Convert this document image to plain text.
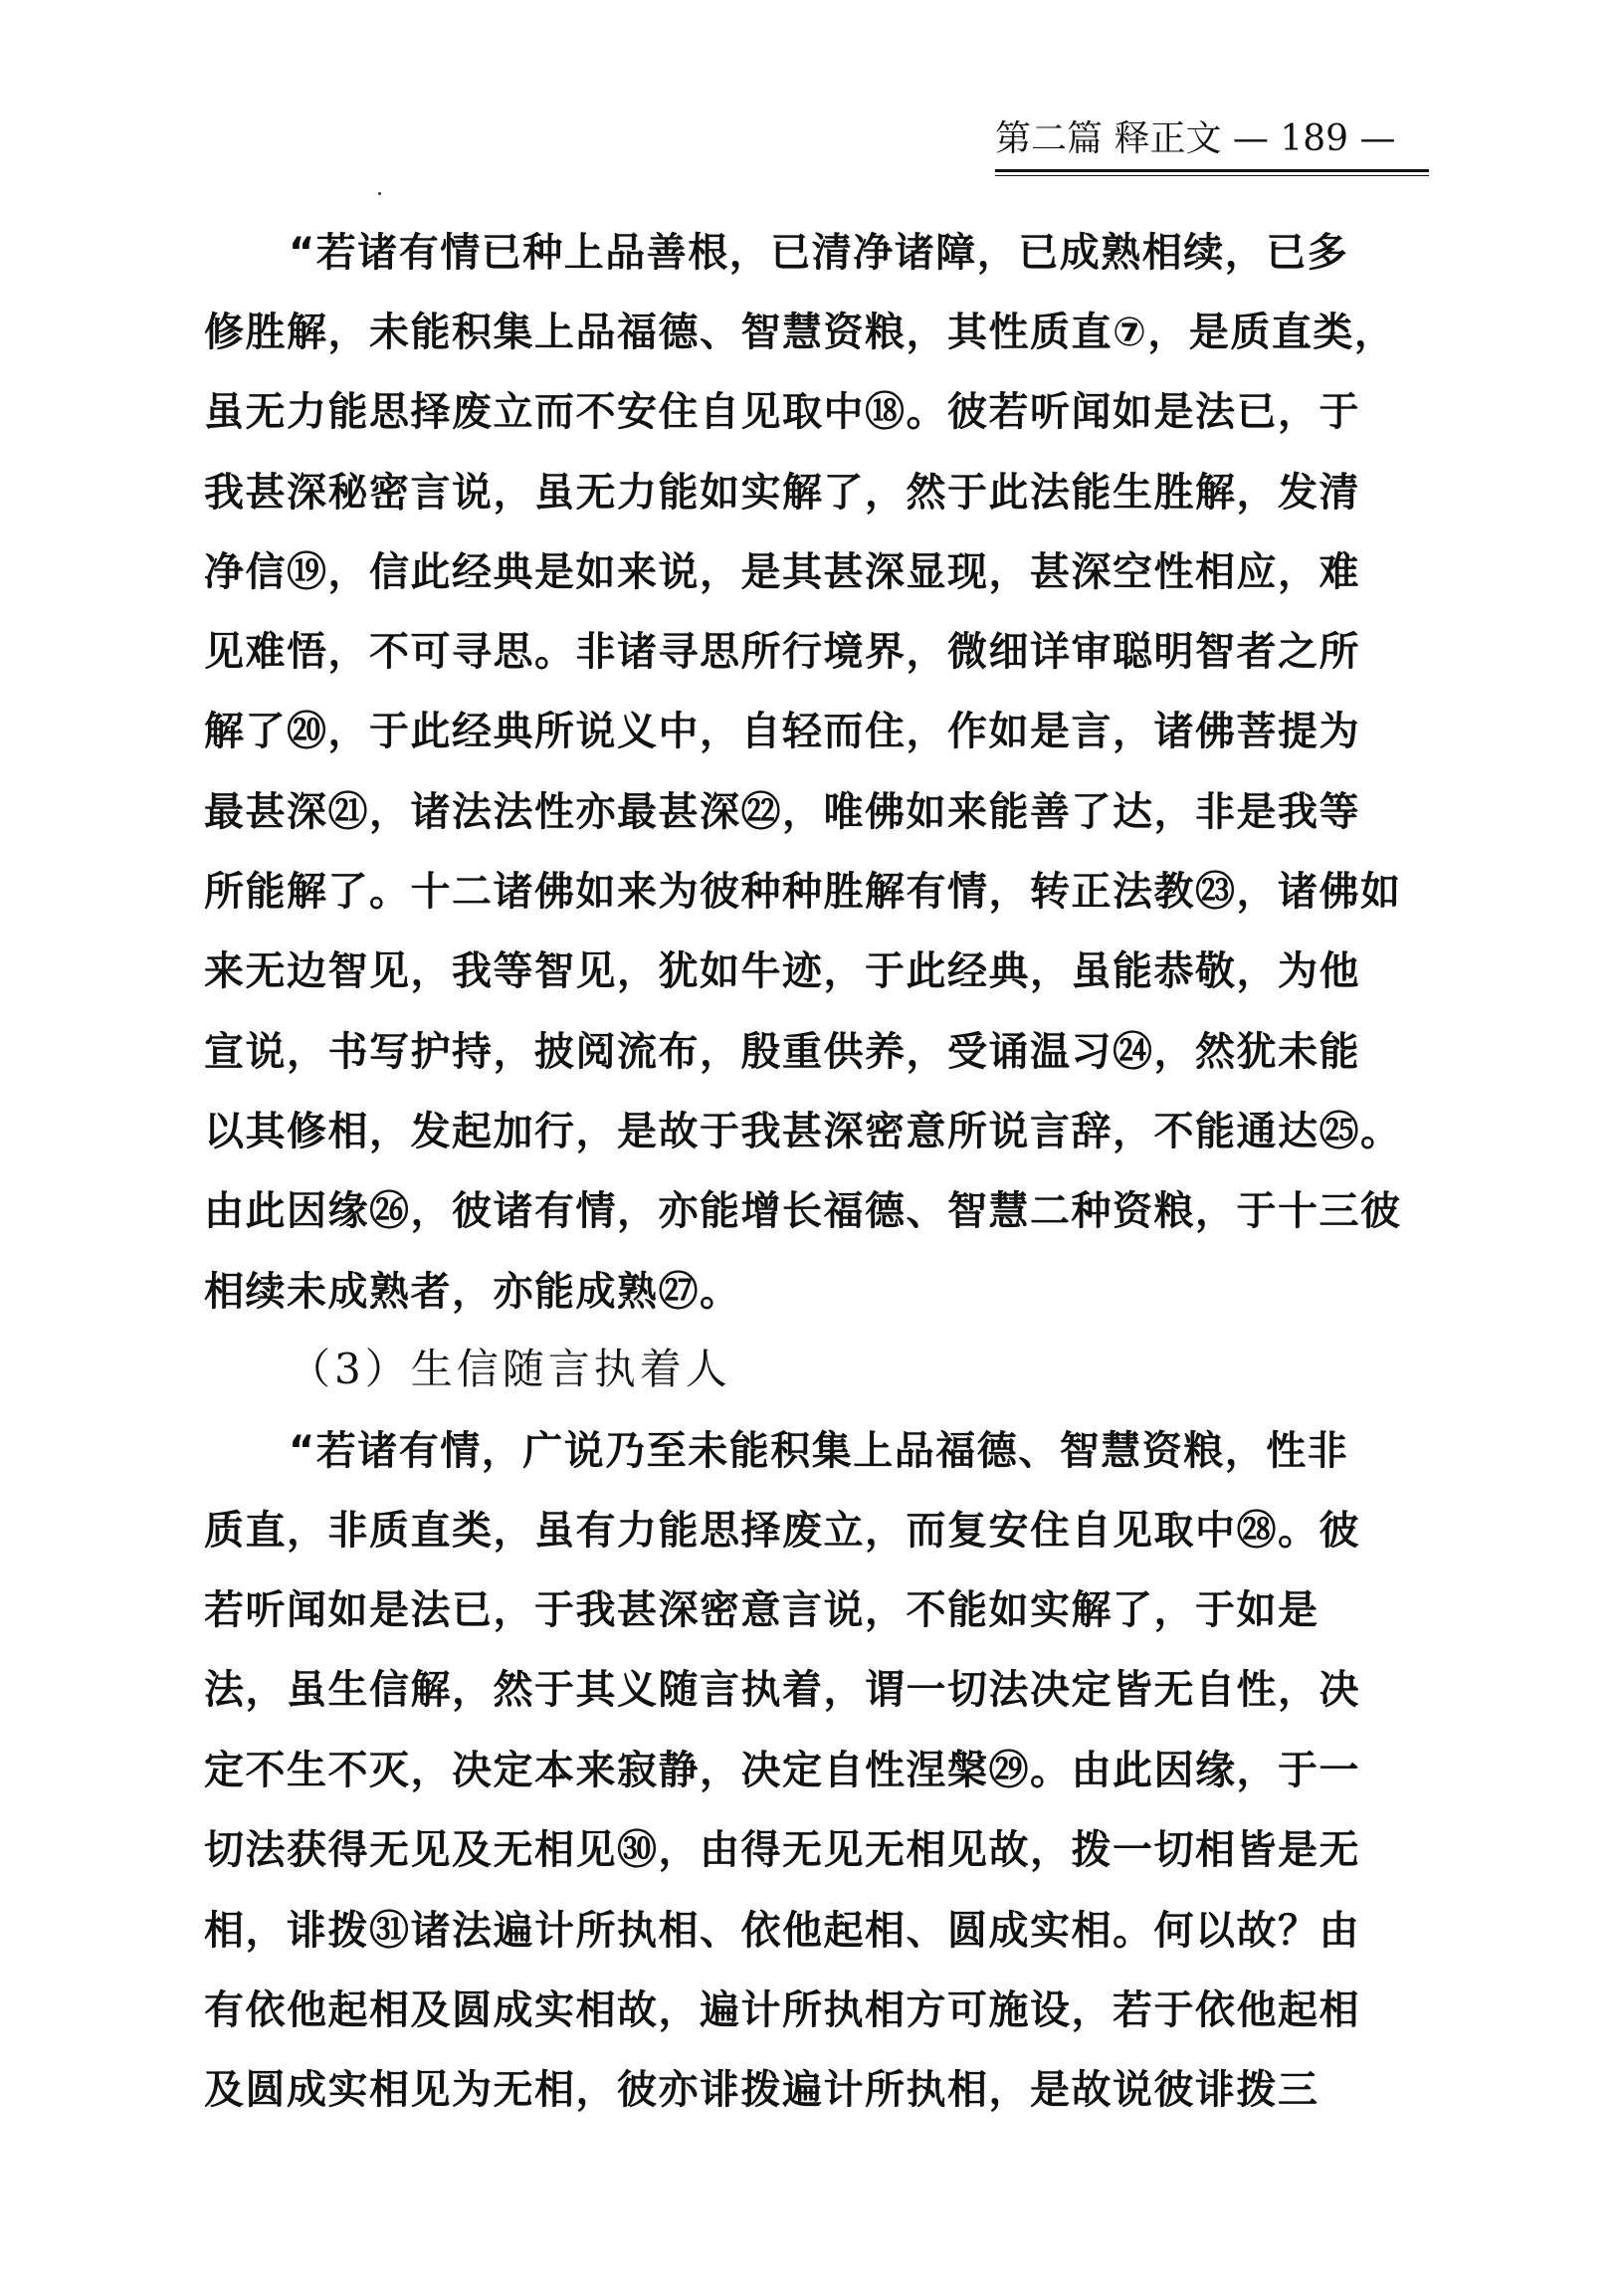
第二篇 释正文 — 189 —
“若诸有情已种上品善根，已清净诸障，已成熟相续，已多
修胜解，未能积集上品福德、智慧资粮，其性质直⑦，是质直类，
虽无力能思择废立而不安住自见取中⑱。彼若听闻如是法已，于
我甚深秘密言说，虽无力能如实解了，然于此法能生胜解，发清
净信⑲，信此经典是如来说，是其甚深显现，甚深空性相应，难
见难悟，不可寻思。非诸寻思所行境界，微细详审聪明智者之所
解了⑳，于此经典所说义中，自轻而住，作如是言，诸佛菩提为
最甚深㉑，诸法法性亦最甚深㉒，唯佛如来能善了达，非是我等
所能解了。十二诸佛如来为彼种种胜解有情，转正法教㉓，诸佛如
来无边智见，我等智见，犹如牛迹，于此经典，虽能恭敬，为他
宣说，书写护持，披阅流布，殷重供养，受诵温习㉔，然犹未能
以其修相，发起加行，是故于我甚深密意所说言辞，不能通达㉕。
由此因缘㉖，彼诸有情，亦能增长福德、智慧二种资粮，于十三彼
相续未成熟者，亦能成熟㉗。
（3）生信随言执着人
“若诸有情，广说乃至未能积集上品福德、智慧资粮，性非
质直，非质直类，虽有力能思择废立，而复安住自见取中㉘。彼
若听闻如是法已，于我甚深密意言说，不能如实解了，于如是
法，虽生信解，然于其义随言执着，谓一切法决定皆无自性，决
定不生不灭，决定本来寂静，决定自性涅槃㉙。由此因缘，于一
切法获得无见及无相见㉚，由得无见无相见故，拨一切相皆是无
相，诽拨㉛诸法遍计所执相、依他起相、圆成实相。何以故？由
有依他起相及圆成实相故，遍计所执相方可施设，若于依他起相
及圆成实相见为无相，彼亦诽拨遍计所执相，是故说彼诽拨三
